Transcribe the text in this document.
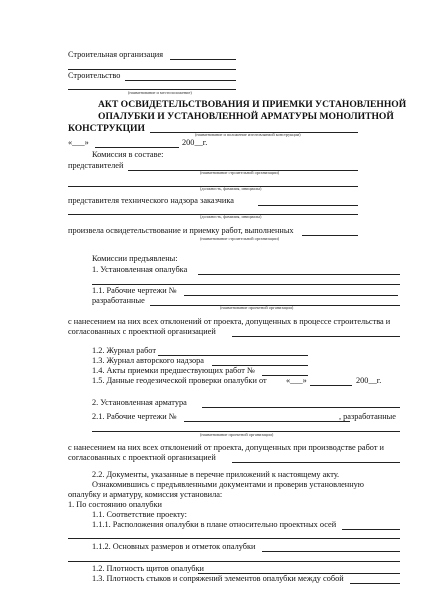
Строительная организация
Строительство
(наименование и местоположение)
АКТ ОСВИДЕТЕЛЬСТВОВАНИЯ И ПРИЕМКИ УСТАНОВЛЕННОЙ
ОПАЛУБКИ И УСТАНОВЛЕННОЙ АРМАТУРЫ МОНОЛИТНОЙ
КОНСТРУКЦИИ
(наименование и положение изготовляемой конструкции)
«___»	200__г.
Комиссия в составе:
представителей
(наименование строительной организации)
(должность, фамилия, инициалы)
представителя технического надзора заказчика
(должность, фамилия, инициалы)
произвела освидетельствование и приемку работ, выполненных
(наименование строительной организации)
Комиссии предъявлены:
1. Установленная опалубка
1.1. Рабочие чертежи №
разработанные
(наименование проектной организации)
с нанесением на них всех отклонений от проекта, допущенных в процессе строительства и
согласованных с проектной организацией
1.2. Журнал работ
1.3. Журнал авторского надзора
1.4. Акты приемки предшествующих работ №
1.5. Данные геодезической проверки опалубки от «___»	200__г.
2. Установленная арматура
2.1. Рабочие чертежи №	, разработанные
(наименование проектной организации)
с нанесением на них всех отклонений от проекта, допущенных при производстве работ и
согласованных с проектной организацией
2.2. Документы, указанные в перечне приложений к настоящему акту.
Ознакомившись с предъявленными документами и проверив установленную
опалубку и арматуру, комиссия установила:
1. По состоянию опалубки
1.1. Соответствие проекту:
1.1.1. Расположения опалубки в плане относительно проектных осей
1.1.2. Основных размеров и отметок опалубки
1.2. Плотность щитов опалубки
1.3. Плотность стыков и сопряжений элементов опалубки между собой
